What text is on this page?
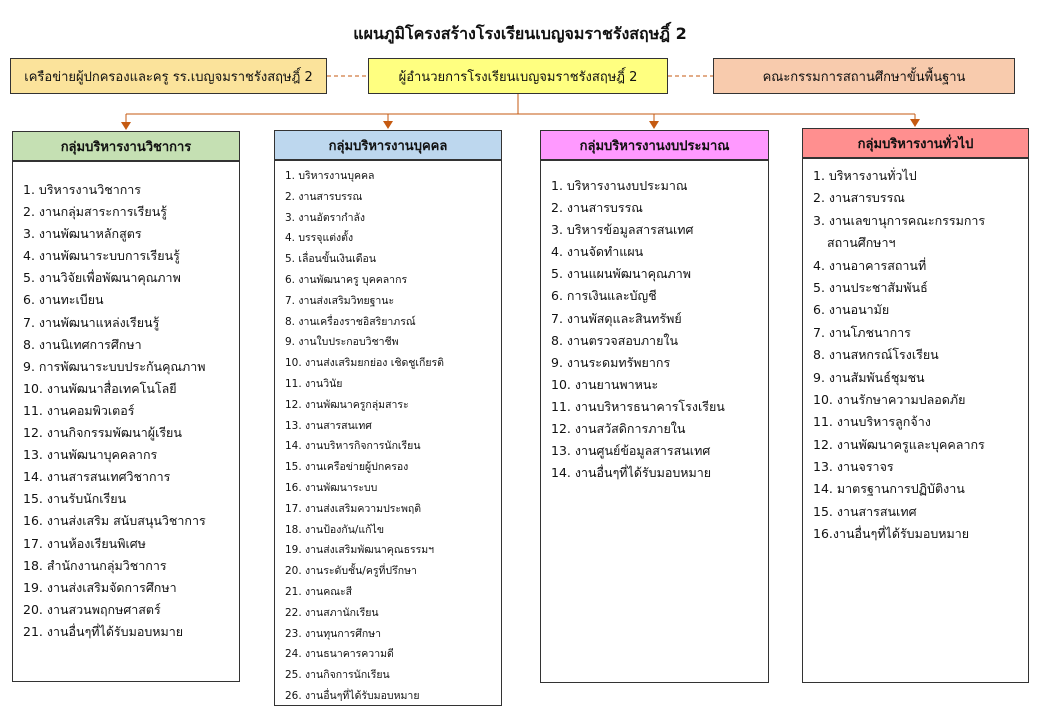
แผนภูมิโครงสร้างโรงเรียนเบญจมราชรังสฤษฎิ์ 2
เครือข่ายผู้ปกครองและครู รร.เบญจมราชรังสฤษฎิ์ 2	ผู้อำนวยการโรงเรียนเบญจมราชรังสฤษฎิ์ 2	คณะกรรมการสถานศึกษาขั้นพื้นฐาน
กลุ่มบริหารงานวิชาการ
1. บริหารงานวิชาการ
2. งานกลุ่มสาระการเรียนรู้
3. งานพัฒนาหลักสูตร
4. งานพัฒนาระบบการเรียนรู้
5. งานวิจัยเพื่อพัฒนาคุณภาพ
6. งานทะเบียน
7. งานพัฒนาแหล่งเรียนรู้
8. งานนิเทศการศึกษา
9. การพัฒนาระบบประกันคุณภาพ
10. งานพัฒนาสื่อเทคโนโลยี
11. งานคอมพิวเตอร์
12. งานกิจกรรมพัฒนาผู้เรียน
13. งานพัฒนาบุคคลากร
14. งานสารสนเทศวิชาการ
15. งานรับนักเรียน
16. งานส่งเสริม สนับสนุนวิชาการ
17. งานห้องเรียนพิเศษ
18. สำนักงานกลุ่มวิชาการ
19. งานส่งเสริมจัดการศึกษา
20. งานสวนพฤกษศาสตร์
21. งานอื่นๆที่ได้รับมอบหมาย
กลุ่มบริหารงานบุคคล
1. บริหารงานบุคคล
2. งานสารบรรณ
3. งานอัตรากำลัง
4. บรรจุแต่งตั้ง
5. เลื่อนขั้นเงินเดือน
6. งานพัฒนาครู บุคคลากร
7. งานส่งเสริมวิทยฐานะ
8. งานเครื่องราชอิสริยาภรณ์
9. งานใบประกอบวิชาชีพ
10. งานส่งเสริมยกย่อง เชิดชูเกียรติ
11. งานวินัย
12. งานพัฒนาครูกลุ่มสาระ
13. งานสารสนเทศ
14. งานบริหารกิจการนักเรียน
15. งานเครือข่ายผู้ปกครอง
16. งานพัฒนาระบบ
17. งานส่งเสริมความประพฤติ
18. งานป้องกัน/แก้ไข
19. งานส่งเสริมพัฒนาคุณธรรมฯ
20. งานระดับชั้น/ครูที่ปรึกษา
21. งานคณะสี
22. งานสภานักเรียน
23. งานทุนการศึกษา
24. งานธนาคารความดี
25. งานกิจการนักเรียน
26. งานอื่นๆที่ได้รับมอบหมาย
กลุ่มบริหารงานงบประมาณ
1. บริหารงานงบประมาณ
2. งานสารบรรณ
3. บริหารข้อมูลสารสนเทศ
4. งานจัดทำแผน
5. งานแผนพัฒนาคุณภาพ
6. การเงินและบัญชี
7. งานพัสดุและสินทรัพย์
8. งานตรวจสอบภายใน
9. งานระดมทรัพยากร
10. งานยานพาหนะ
11. งานบริหารธนาคารโรงเรียน
12. งานสวัสดิการภายใน
13. งานศูนย์ข้อมูลสารสนเทศ
14. งานอื่นๆที่ได้รับมอบหมาย
กลุ่มบริหารงานทั่วไป
1. บริหารงานทั่วไป
2. งานสารบรรณ
3. งานเลขานุการคณะกรรมการ
สถานศึกษาฯ
4. งานอาคารสถานที่
5. งานประชาสัมพันธ์
6. งานอนามัย
7. งานโภชนาการ
8. งานสหกรณ์โรงเรียน
9. งานสัมพันธ์ชุมชน
10. งานรักษาความปลอดภัย
11. งานบริหารลูกจ้าง
12. งานพัฒนาครูและบุคคลากร
13. งานจราจร
14. มาตรฐานการปฏิบัติงาน
15. งานสารสนเทศ
16.งานอื่นๆที่ได้รับมอบหมาย
